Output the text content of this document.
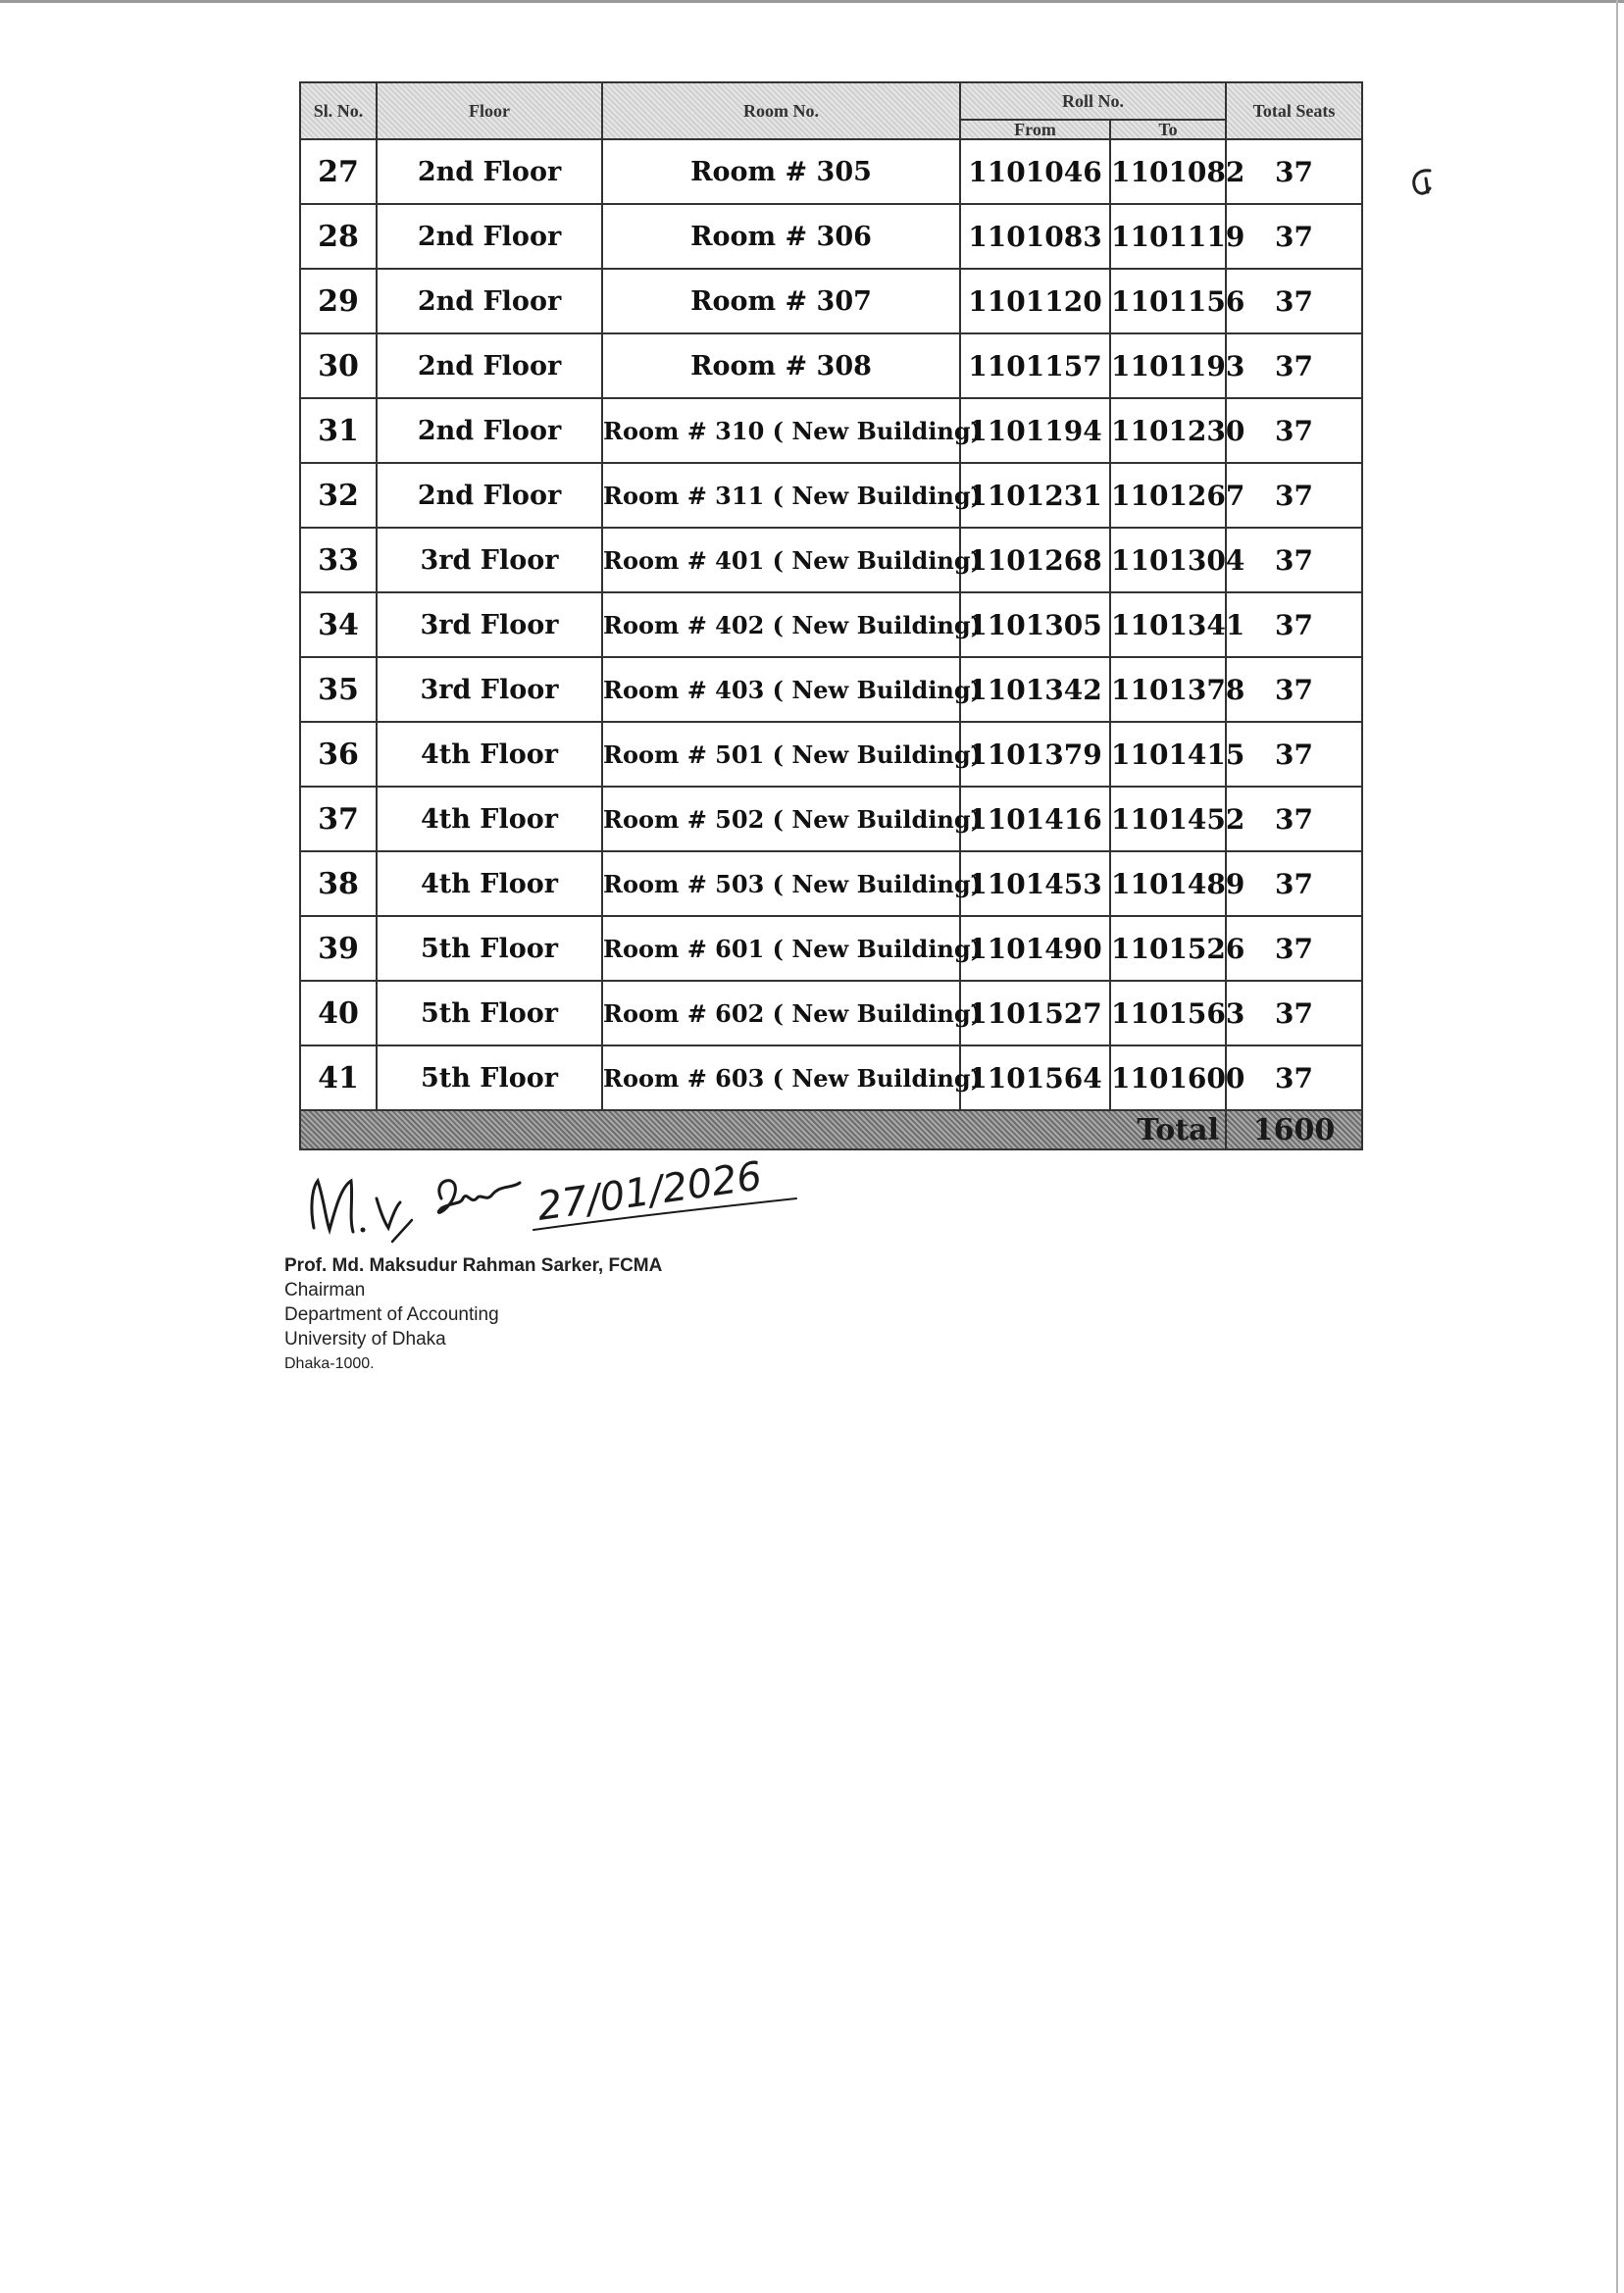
Sl. No.	Floor	Room No.	Roll No.		Total Seats
			From	To	
27	2nd Floor	Room # 305	1101046	1101082	37
28	2nd Floor	Room # 306	1101083	1101119	37
29	2nd Floor	Room # 307	1101120	1101156	37
30	2nd Floor	Room # 308	1101157	1101193	37
31	2nd Floor	Room # 310 ( New Building)	1101194	1101230	37
32	2nd Floor	Room # 311 ( New Building)	1101231	1101267	37
33	3rd Floor	Room # 401 ( New Building)	1101268	1101304	37
34	3rd Floor	Room # 402 ( New Building)	1101305	1101341	37
35	3rd Floor	Room # 403 ( New Building)	1101342	1101378	37
36	4th Floor	Room # 501 ( New Building)	1101379	1101415	37
37	4th Floor	Room # 502 ( New Building)	1101416	1101452	37
38	4th Floor	Room # 503 ( New Building)	1101453	1101489	37
39	5th Floor	Room # 601 ( New Building)	1101490	1101526	37
40	5th Floor	Room # 602 ( New Building)	1101527	1101563	37
41	5th Floor	Room # 603 ( New Building)	1101564	1101600	37
Total					1600
27/01/2026
Prof. Md. Maksudur Rahman Sarker, FCMA
Chairman
Department of Accounting
University of Dhaka
Dhaka-1000.
